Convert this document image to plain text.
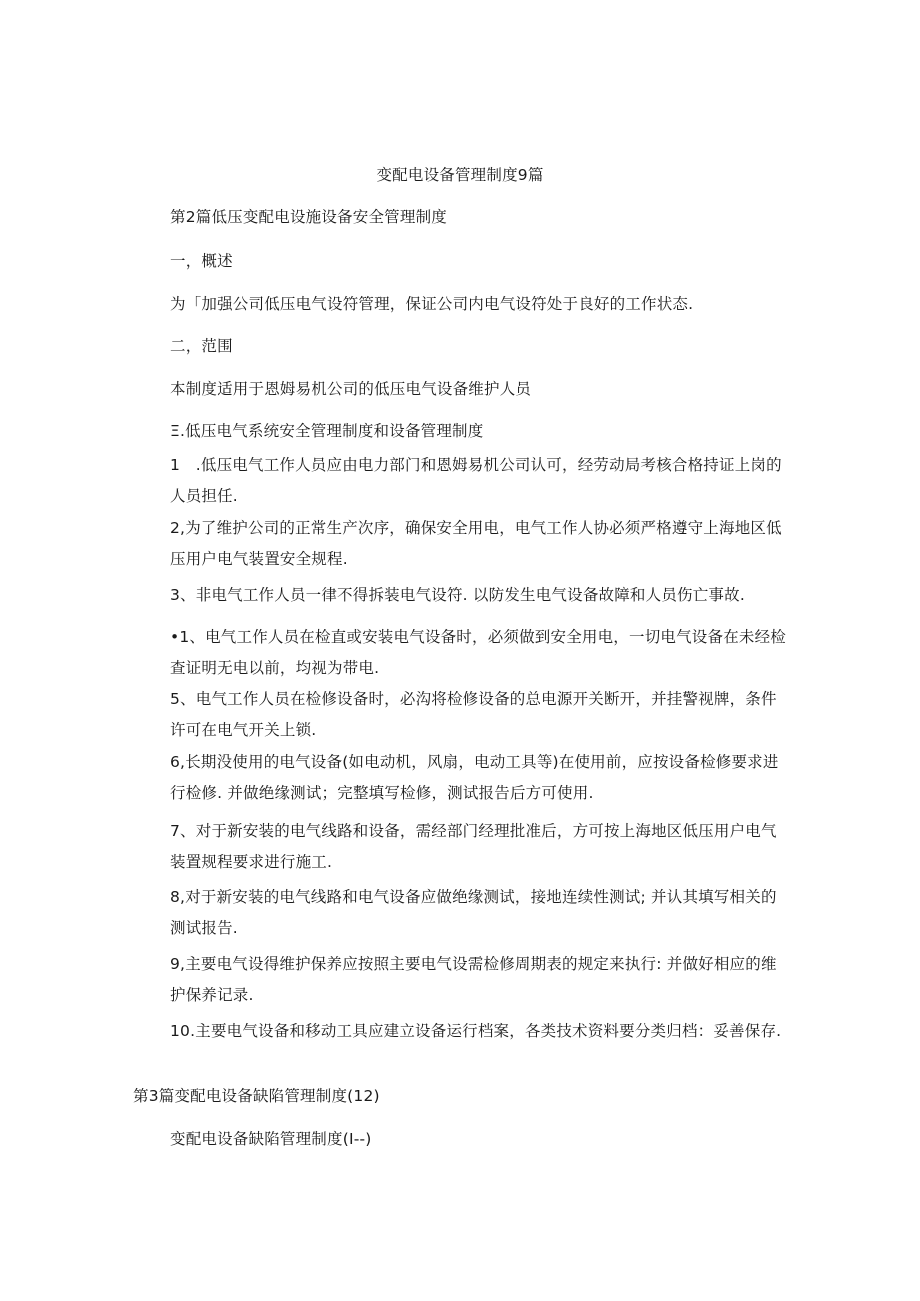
变配电设备管理制度9篇
第2篇低压变配电设施设备安全管理制度
一，概述
为「加强公司低压电气设符管理，保证公司内电气设符处于良好的工作状态.
二，范围
本制度适用于恩姆易机公司的低压电气设备维护人员
Ξ.低压电气系统安全管理制度和设备管理制度
1　.低压电气工作人员应由电力部门和恩姆易机公司认可，经劳动局考核合格持证上岗的人员担任.
2,为了维护公司的正常生产次序，确保安全用电，电气工作人协必须严格遵守上海地区低压用户电气装置安全规程.
3、非电气工作人员一律不得拆装电气设符. 以防发生电气设备故障和人员伤亡事故.
•1、电气工作人员在检直或安装电气设备时，必须做到安全用电，一切电气设备在未经检查证明无电以前，均视为带电.
5、电气工作人员在检修设备时，必沟将检修设备的总电源开关断开，并挂警视牌，条件许可在电气开关上锁.
6,长期没使用的电气设备(如电动机，风扇，电动工具等)在使用前，应按设备检修要求进行检修. 并做绝缘测试；完整填写检修，测试报告后方可使用.
7、对于新安装的电气线路和设备，需经部门经理批准后，方可按上海地区低压用户电气装置规程要求进行施工.
8,对于新安装的电气线路和电气设备应做绝缘测试，接地连续性测试; 并认其填写相关的测试报告.
9,主要电气设得维护保养应按照主要电气设需检修周期表的规定来执行: 并做好相应的维护保养记录.
10.主要电气设备和移动工具应建立设备运行档案，各类技术资料要分类归档：妥善保存.
第3篇变配电设备缺陷管理制度(12)
变配电设备缺陷管理制度(I--)
